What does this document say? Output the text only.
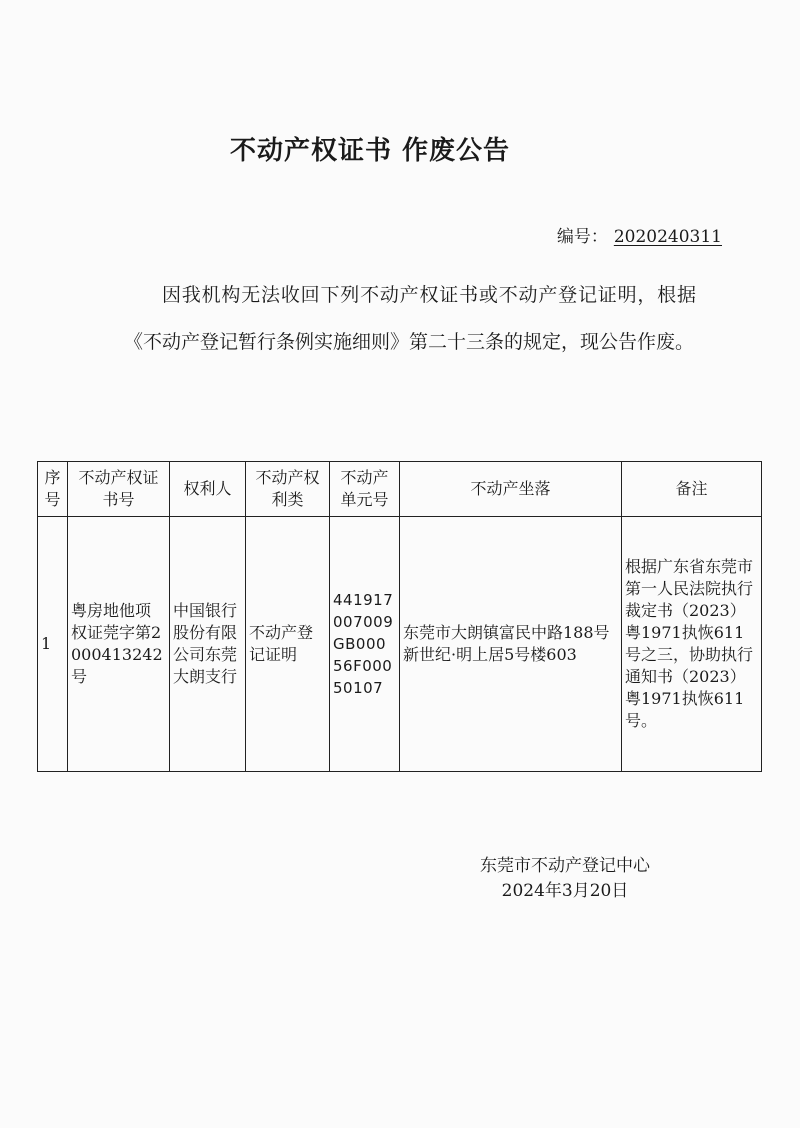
不动产权证书 作废公告
编号： 2020240311
因我机构无法收回下列不动产权证书或不动产登记证明，根据《不动产登记暂行条例实施细则》第二十三条的规定，现公告作废。
序号	不动产权证书号	权利人	不动产权利类	不动产单元号	不动产坐落	备注
1	粤房地他项权证莞字第2000413242号	中国银行股份有限公司东莞大朗支行	不动产登记证明	441917007009GB00056F00050107	东莞市大朗镇富民中路188号新世纪·明上居5号楼603	根据广东省东莞市第一人民法院执行裁定书（2023）粤1971执恢611号之三，协助执行通知书（2023）粤1971执恢611号。
东莞市不动产登记中心
2024年3月20日
